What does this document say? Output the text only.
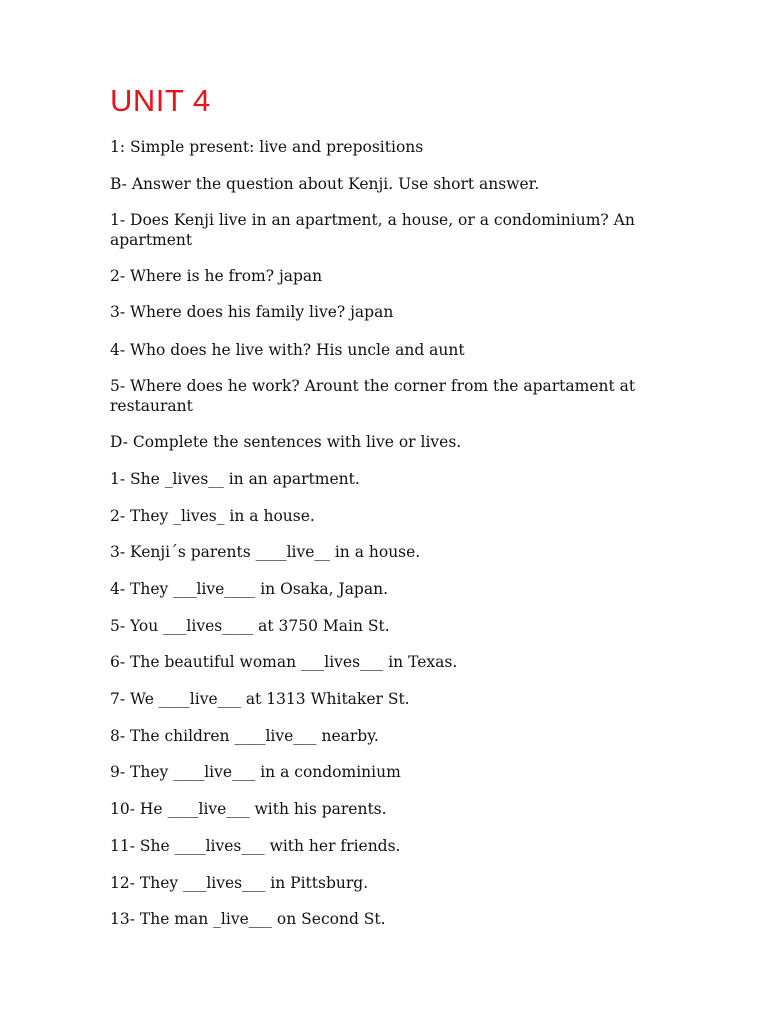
UNIT 4

1: Simple present: live and prepositions

B- Answer the question about Kenji. Use short answer.

1- Does Kenji live in an apartment, a house, or a condominium? An apartment

2- Where is he from? japan

3- Where does his family live? japan

4- Who does he live with? His uncle and aunt

5- Where does he work? Arount the corner from the apartament at restaurant

D- Complete the sentences with live or lives.

1- She _lives__ in an apartment.

2- They _lives_ in a house.

3- Kenji´s parents ____live__ in a house.

4- They ___live____ in Osaka, Japan.

5- You ___lives____ at 3750 Main St.

6- The beautiful woman ___lives___ in Texas.

7- We ____live___ at 1313 Whitaker St.

8- The children ____live___ nearby.

9- They ____live___ in a condominium

10- He ____live___ with his parents.

11- She ____lives___ with her friends.

12- They ___lives___ in Pittsburg.

13- The man _live___ on Second St.
